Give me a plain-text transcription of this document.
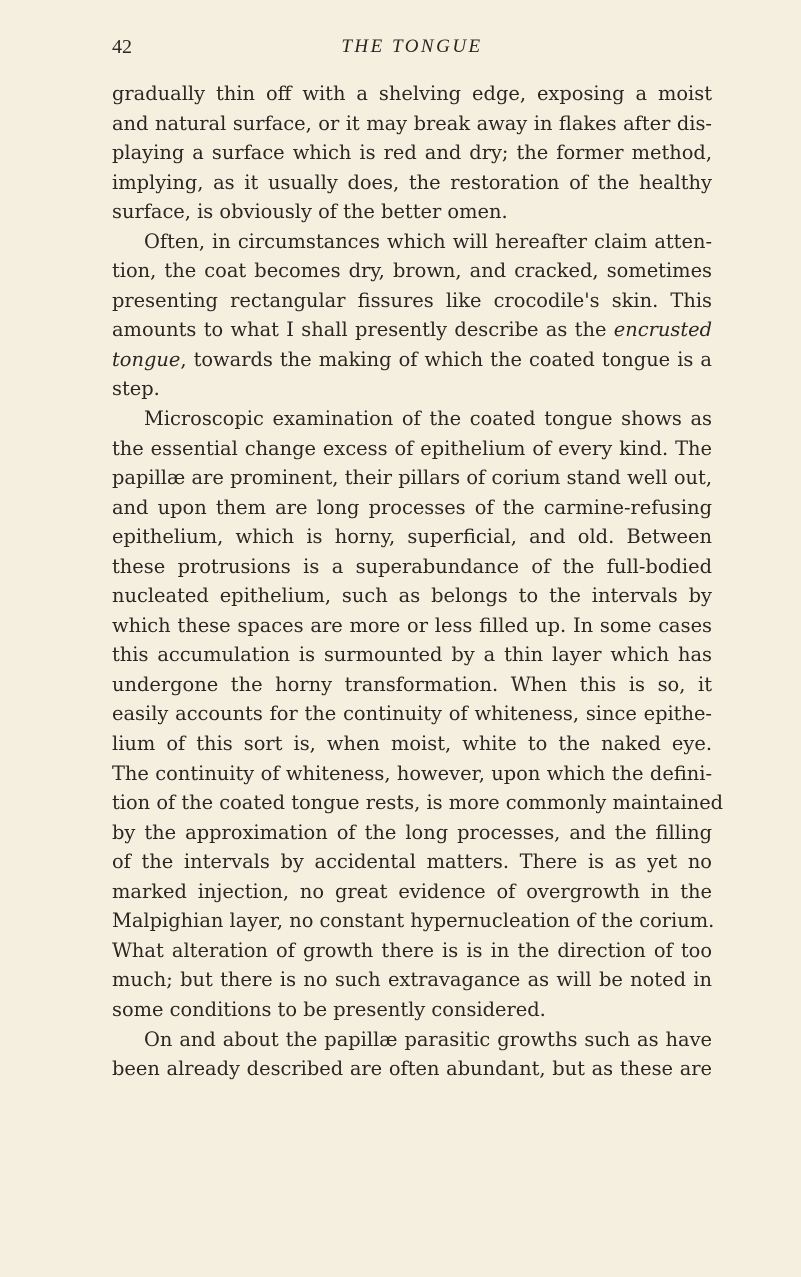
42	THE TONGUE
gradually thin off with a shelving edge, exposing a moist
and natural surface, or it may break away in flakes after dis-
playing a surface which is red and dry; the former method,
implying, as it usually does, the restoration of the healthy
surface, is obviously of the better omen.
Often, in circumstances which will hereafter claim atten-
tion, the coat becomes dry, brown, and cracked, sometimes
presenting rectangular fissures like crocodile's skin. This
amounts to what I shall presently describe as the encrusted
tongue, towards the making of which the coated tongue is a
step.
Microscopic examination of the coated tongue shows as
the essential change excess of epithelium of every kind. The
papillæ are prominent, their pillars of corium stand well out,
and upon them are long processes of the carmine-refusing
epithelium, which is horny, superficial, and old. Between
these protrusions is a superabundance of the full-bodied
nucleated epithelium, such as belongs to the intervals by
which these spaces are more or less filled up. In some cases
this accumulation is surmounted by a thin layer which has
undergone the horny transformation. When this is so, it
easily accounts for the continuity of whiteness, since epithe-
lium of this sort is, when moist, white to the naked eye.
The continuity of whiteness, however, upon which the defini-
tion of the coated tongue rests, is more commonly maintained
by the approximation of the long processes, and the filling
of the intervals by accidental matters. There is as yet no
marked injection, no great evidence of overgrowth in the
Malpighian layer, no constant hypernucleation of the corium.
What alteration of growth there is is in the direction of too
much; but there is no such extravagance as will be noted in
some conditions to be presently considered.
On and about the papillæ parasitic growths such as have
been already described are often abundant, but as these are
